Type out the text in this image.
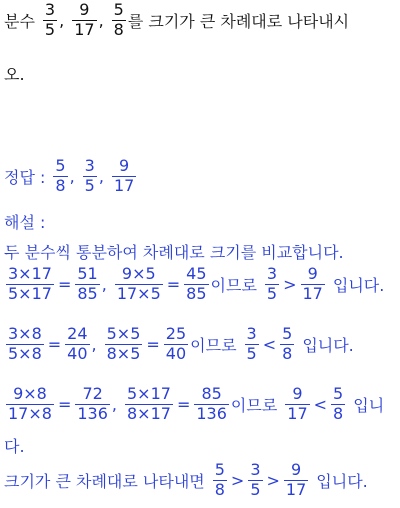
분수 $\frac{3}{5}$ , $\frac{9}{17}$ , $\frac{5}{8}$ 를 크기가 큰 차례대로 나타내시
오.
정답 : $\frac{5}{8}$ , $\frac{3}{5}$ , $\frac{9}{17}$
해설 :
두 분수씩 통분하여 차례대로 크기를 비교합니다.
$\frac{3\times 17}{5\times 17} = \frac{51}{85}$ , $\frac{9\times 5}{17\times 5} = \frac{45}{85}$ 이므로 $\frac{3}{5} > \frac{9}{17}$ 입니다.
$\frac{3\times 8}{5\times 8} = \frac{24}{40}$ , $\frac{5\times 5}{8\times 5} = \frac{25}{40}$ 이므로 $\frac{3}{5} < \frac{5}{8}$ 입니다.
$\frac{9\times 8}{17\times 8} = \frac{72}{136}$ , $\frac{5\times 17}{8\times 17} = \frac{85}{136}$ 이므로 $\frac{9}{17} < \frac{5}{8}$ 입니
다.
크기가 큰 차례대로 나타내면 $\frac{5}{8} > \frac{3}{5} > \frac{9}{17}$ 입니다.
